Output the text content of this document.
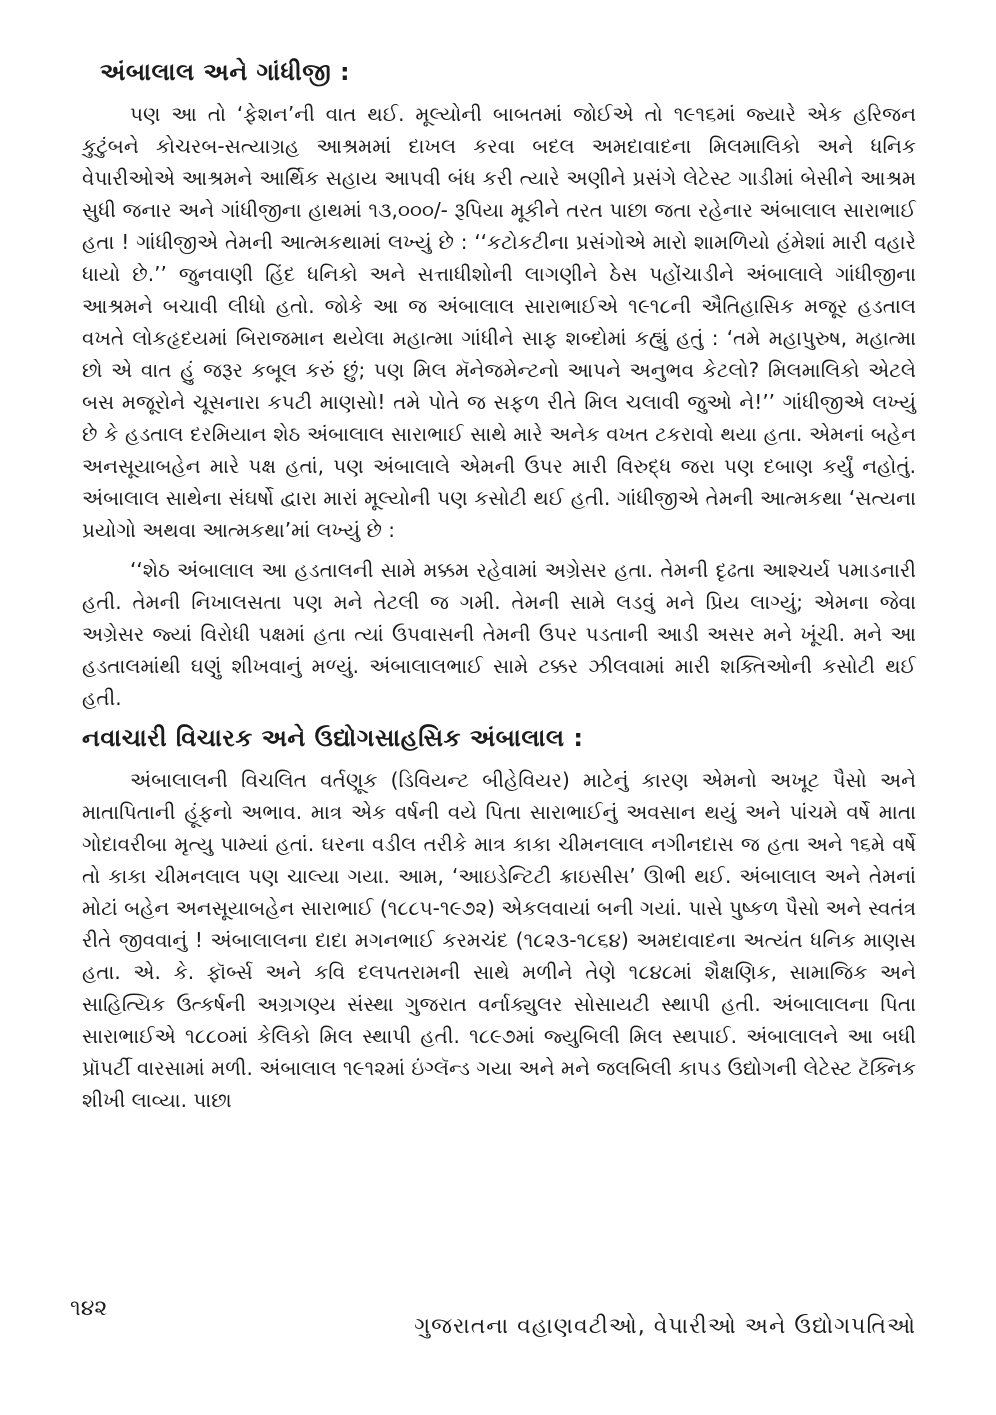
અંબાલાલ અને ગાંધીજી :

પણ આ તો ‘ફેશન’ની વાત થઈ. મૂલ્યોની બાબતમાં જોઈએ તો ૧૯૧૬માં જ્યારે એક હરિજન કુટુંબને કોચરબ-સત્યાગ્રહ આશ્રમમાં દાખલ કરવા બદલ અમદાવાદના મિલમાલિકો અને ધનિક વેપારીઓએ આશ્રમને આર્થિક સહાય આપવી બંધ કરી ત્યારે અણીને પ્રસંગે લેટેસ્ટ ગાડીમાં બેસીને આશ્રમ સુધી જનાર અને ગાંધીજીના હાથમાં ૧૩,૦૦૦/- રૂપિયા મૂકીને તરત પાછા જતા રહેનાર અંબાલાલ સારાભાઈ હતા ! ગાંધીજીએ તેમની આત્મકથામાં લખ્યું છે : ‘‘કટોકટીના પ્રસંગોએ મારો શામળિયો હંમેશાં મારી વહારે ધાયો છે.’’ જુનવાણી હિંદ ધનિકો અને સત્તાધીશોની લાગણીને ઠેસ પહોંચાડીને અંબાલાલે ગાંધીજીના આશ્રમને બચાવી લીધો હતો. જોકે આ જ અંબાલાલ સારાભાઈએ ૧૯૧૮ની ઐતિહાસિક મજૂર હડતાલ વખતે લોકહૃદયમાં બિરાજમાન થયેલા મહાત્મા ગાંધીને સાફ શબ્દોમાં કહ્યું હતું : ‘તમે મહાપુરુષ, મહાત્મા છો એ વાત હું જરૂર કબૂલ કરું છું; પણ મિલ મૅનેજમેન્ટનો આપને અનુભવ કેટલો? મિલમાલિકો એટલે બસ મજૂરોને ચૂસનારા કપટી માણસો! તમે પોતે જ સફળ રીતે મિલ ચલાવી જુઓ ને!’’ ગાંધીજીએ લખ્યું છે કે હડતાલ દરમિયાન શેઠ અંબાલાલ સારાભાઈ સાથે મારે અનેક વખત ટકરાવો થયા હતા. એમનાં બહેન અનસૂયાબહેન મારે પક્ષ હતાં, પણ અંબાલાલે એમની ઉપર મારી વિરુદ્ધ જરા પણ દબાણ કર્યું નહોતું. અંબાલાલ સાથેના સંઘર્ષો દ્વારા મારાં મૂલ્યોની પણ કસોટી થઈ હતી. ગાંધીજીએ તેમની આત્મકથા ‘સત્યના પ્રયોગો અથવા આત્મકથા’માં લખ્યું છે :

‘‘શેઠ અંબાલાલ આ હડતાલની સામે મક્કમ રહેવામાં અગ્રેસર હતા. તેમની દૃઢતા આશ્ચર્ય પમાડનારી હતી. તેમની નિખાલસતા પણ મને તેટલી જ ગમી. તેમની સામે લડવું મને પ્રિય લાગ્યું; એમના જેવા અગ્રેસર જ્યાં વિરોધી પક્ષમાં હતા ત્યાં ઉપવાસની તેમની ઉપર પડતાની આડી અસર મને ખૂંચી. મને આ હડતાલમાંથી ઘણું શીખવાનું મળ્યું. અંબાલાલભાઈ સામે ટક્કર ઝીલવામાં મારી શક્તિઓની કસોટી થઈ હતી.

નવાચારી વિચારક અને ઉદ્યોગસાહસિક અંબાલાલ :

અંબાલાલની વિચલિત વર્તણૂક (ડિવિયન્ટ બીહેવિયર) માટેનું કારણ એમનો અખૂટ પૈસો અને માતાપિતાની હૂંફનો અભાવ. માત્ર એક વર્ષની વયે પિતા સારાભાઈનું અવસાન થયું અને પાંચમે વર્ષે માતા ગોદાવરીબા મૃત્યુ પામ્યાં હતાં. ઘરના વડીલ તરીકે માત્ર કાકા ચીમનલાલ નગીનદાસ જ હતા અને ૧૬મે વર્ષે તો કાકા ચીમનલાલ પણ ચાલ્યા ગયા. આમ, ‘આઇડેન્ટિટી ક્રાઇસીસ’ ઊભી થઈ. અંબાલાલ અને તેમનાં મોટાં બહેન અનસૂયાબહેન સારાભાઈ (૧૮૮૫-૧૯૭૨) એકલવાયાં બની ગયાં. પાસે પુષ્કળ પૈસો અને સ્વતંત્ર રીતે જીવવાનું ! અંબાલાલના દાદા મગનભાઈ કરમચંદ (૧૮૨૩-૧૮૬૪) અમદાવાદના અત્યંત ધનિક માણસ હતા. એ. કે. ફૉર્બ્સ અને કવિ દલપતરામની સાથે મળીને તેણે ૧૮૪૮માં શૈક્ષણિક, સામાજિક અને સાહિત્યિક ઉત્કર્ષની અગ્રગણ્ય સંસ્થા ગુજરાત વર્નાક્યુલર સોસાયટી સ્થાપી હતી. અંબાલાલના પિતા સારાભાઈએ ૧૮૮૦માં કેલિકો મિલ સ્થાપી હતી. ૧૮૯૭માં જ્યુબિલી મિલ સ્થપાઈ. અંબાલાલને આ બધી પ્રૉપર્ટી વારસામાં મળી. અંબાલાલ ૧૯૧૨માં ઇંગ્લૅન્ડ ગયા અને મને જલબિલી કાપડ ઉદ્યોગની લેટેસ્ટ ટૅક્નિક શીખી લાવ્યા. પાછા

૧૪૨
ગુજરાતના વહાણવટીઓ, વેપારીઓ અને ઉદ્યોગપતિઓ
